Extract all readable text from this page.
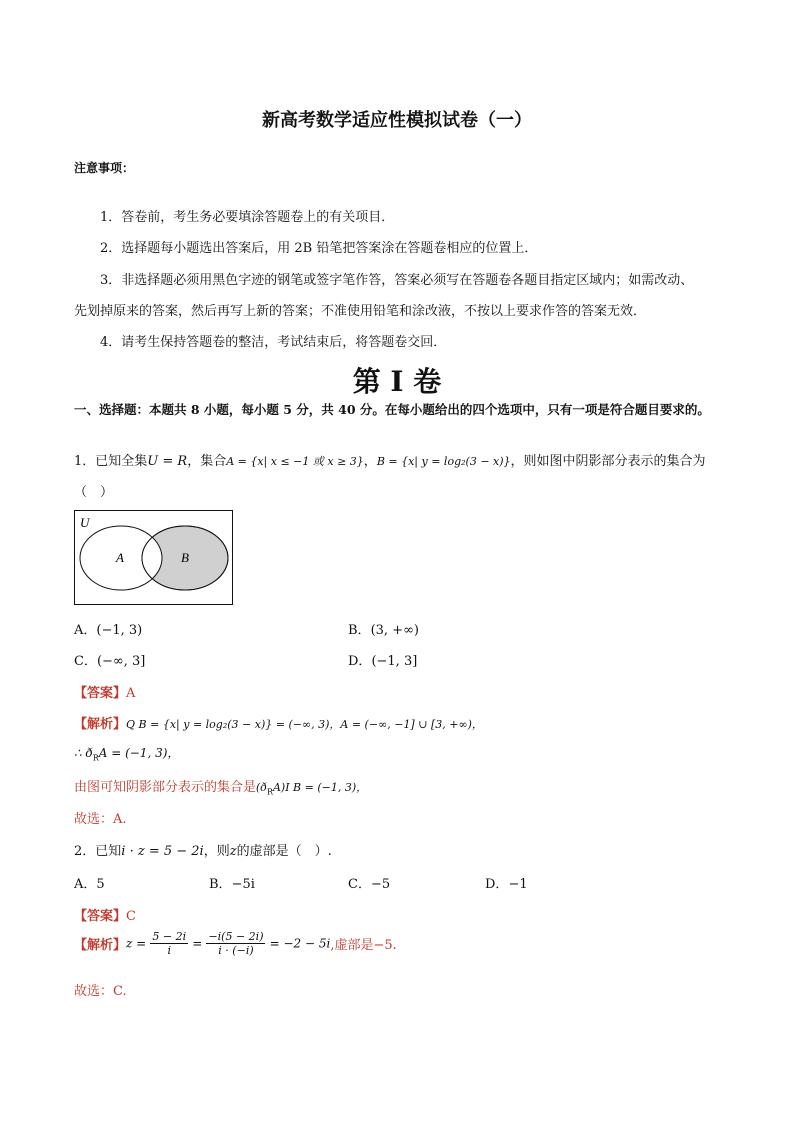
新高考数学适应性模拟试卷（一）
注意事项：
1．答卷前，考生务必要填涂答题卷上的有关项目．
2．选择题每小题选出答案后，用 2B 铅笔把答案涂在答题卷相应的位置上．
3．非选择题必须用黑色字迹的钢笔或签字笔作答，答案必须写在答题卷各题目指定区域内；如需改动、
先划掉原来的答案，然后再写上新的答案；不准使用铅笔和涂改液，不按以上要求作答的答案无效．
4．请考生保持答题卷的整洁，考试结束后，将答题卷交回．
第 I 卷
一、选择题：本题共 8 小题，每小题 5 分，共 40 分。在每小题给出的四个选项中，只有一项是符合题目要求的。
1．已知全集U = R，集合A = {x| x ≤ −1 或 x ≥ 3}，B = {x| y = log₂(3 − x)}，则如图中阴影部分表示的集合为
（　）
U
A	B
A．(−1, 3)	B．(3, +∞)
C．(−∞, 3]	D．(−1, 3]
【答案】A
【解析】Q B = {x| y = log₂(3 − x)} = (−∞, 3)，A = (−∞, −1] ∪ [3, +∞)，
∴ $ð_RA = (-1$, 3)，
由图可知阴影部分表示的集合是$(ð_RA)I$ B = (−1, 3)，
故选：A.
2．已知i · z = 5 − 2i，则z的虚部是（　）.
A．5	B．−5i	C．−5	D．−1
【答案】C
【解析】$z = \frac{5 - 2i}{i} = \frac{-i(5 - 2i)}{i \cdot (-i)} = -2 - 5i$,虚部是−5.
故选：C.
